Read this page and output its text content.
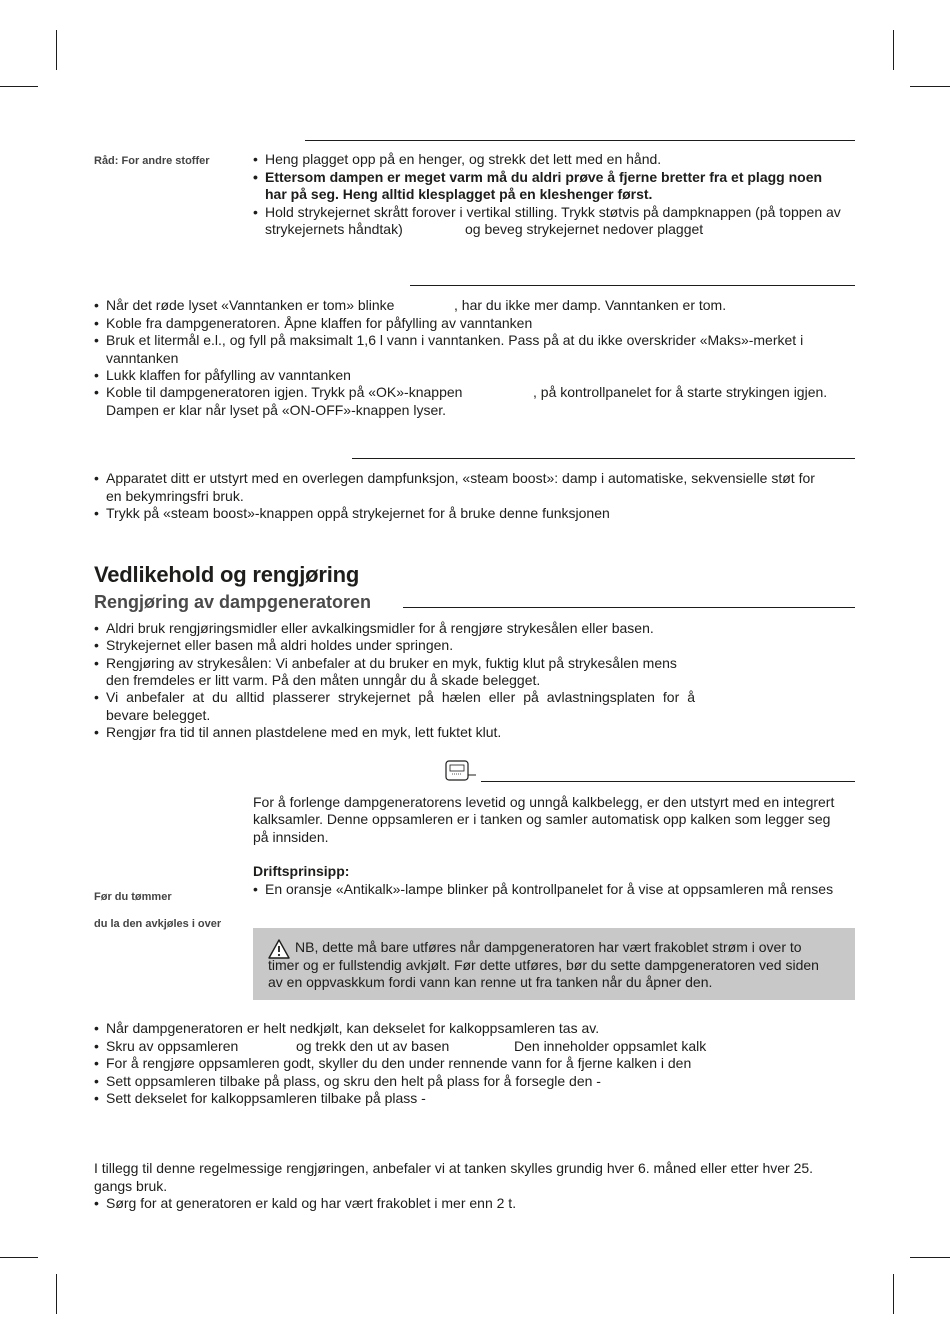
Råd: For andre stoffer	• Heng plagget opp på en henger, og strekk det lett med en hånd.
• Ettersom dampen er meget varm må du aldri prøve å fjerne bretter fra et plagg noen
har på seg. Heng alltid klesplagget på en kleshenger først.
• Hold strykejernet skrått forover i vertikal stilling. Trykk støtvis på dampknappen (på toppen av
strykejernets håndtak)	og beveg strykejernet nedover plagget
• Når det røde lyset «Vanntanken er tom» blinke	, har du ikke mer damp. Vanntanken er tom.
• Koble fra dampgeneratoren. Åpne klaffen for påfylling av vanntanken
• Bruk et litermål e.l., og fyll på maksimalt 1,6 l vann i vanntanken. Pass på at du ikke overskrider «Maks»-merket i
vanntanken
• Lukk klaffen for påfylling av vanntanken
• Koble til dampgeneratoren igjen. Trykk på «OK»-knappen	, på kontrollpanelet for å starte strykingen igjen.
Dampen er klar når lyset på «ON-OFF»-knappen lyser.
• Apparatet ditt er utstyrt med en overlegen dampfunksjon, «steam boost»: damp i automatiske, sekvensielle støt for
en bekymringsfri bruk.
• Trykk på «steam boost»-knappen oppå strykejernet for å bruke denne funksjonen
Vedlikehold og rengjøring
Rengjøring av dampgeneratoren
• Aldri bruk rengjøringsmidler eller avkalkingsmidler for å rengjøre strykesålen eller basen.
• Strykejernet eller basen må aldri holdes under springen.
• Rengjøring av strykesålen: Vi anbefaler at du bruker en myk, fuktig klut på strykesålen mens
den fremdeles er litt varm. På den måten unngår du å skade belegget.
• Vi anbefaler at du alltid plasserer strykejernet på hælen eller på avlastningsplaten for å
bevare belegget.
• Rengjør fra tid til annen plastdelene med en myk, lett fuktet klut.
For å forlenge dampgeneratorens levetid og unngå kalkbelegg, er den utstyrt med en integrert
kalksamler. Denne oppsamleren er i tanken og samler automatisk opp kalken som legger seg
på innsiden.
Driftsprinsipp:
• En oransje «Antikalk»-lampe blinker på kontrollpanelet for å vise at oppsamleren må renses
Før du tømmer
du la den avkjøles i over
NB, dette må bare utføres når dampgeneratoren har vært frakoblet strøm i over to
timer og er fullstendig avkjølt. Før dette utføres, bør du sette dampgeneratoren ved siden
av en oppvaskkum fordi vann kan renne ut fra tanken når du åpner den.
• Når dampgeneratoren er helt nedkjølt, kan dekselet for kalkoppsamleren tas av.
• Skru av oppsamleren	og trekk den ut av basen	Den inneholder oppsamlet kalk
• For å rengjøre oppsamleren godt, skyller du den under rennende vann for å fjerne kalken i den
• Sett oppsamleren tilbake på plass, og skru den helt på plass for å forsegle den -
• Sett dekselet for kalkoppsamleren tilbake på plass -
I tillegg til denne regelmessige rengjøringen, anbefaler vi at tanken skylles grundig hver 6. måned eller etter hver 25.
gangs bruk.
• Sørg for at generatoren er kald og har vært frakoblet i mer enn 2 t.
